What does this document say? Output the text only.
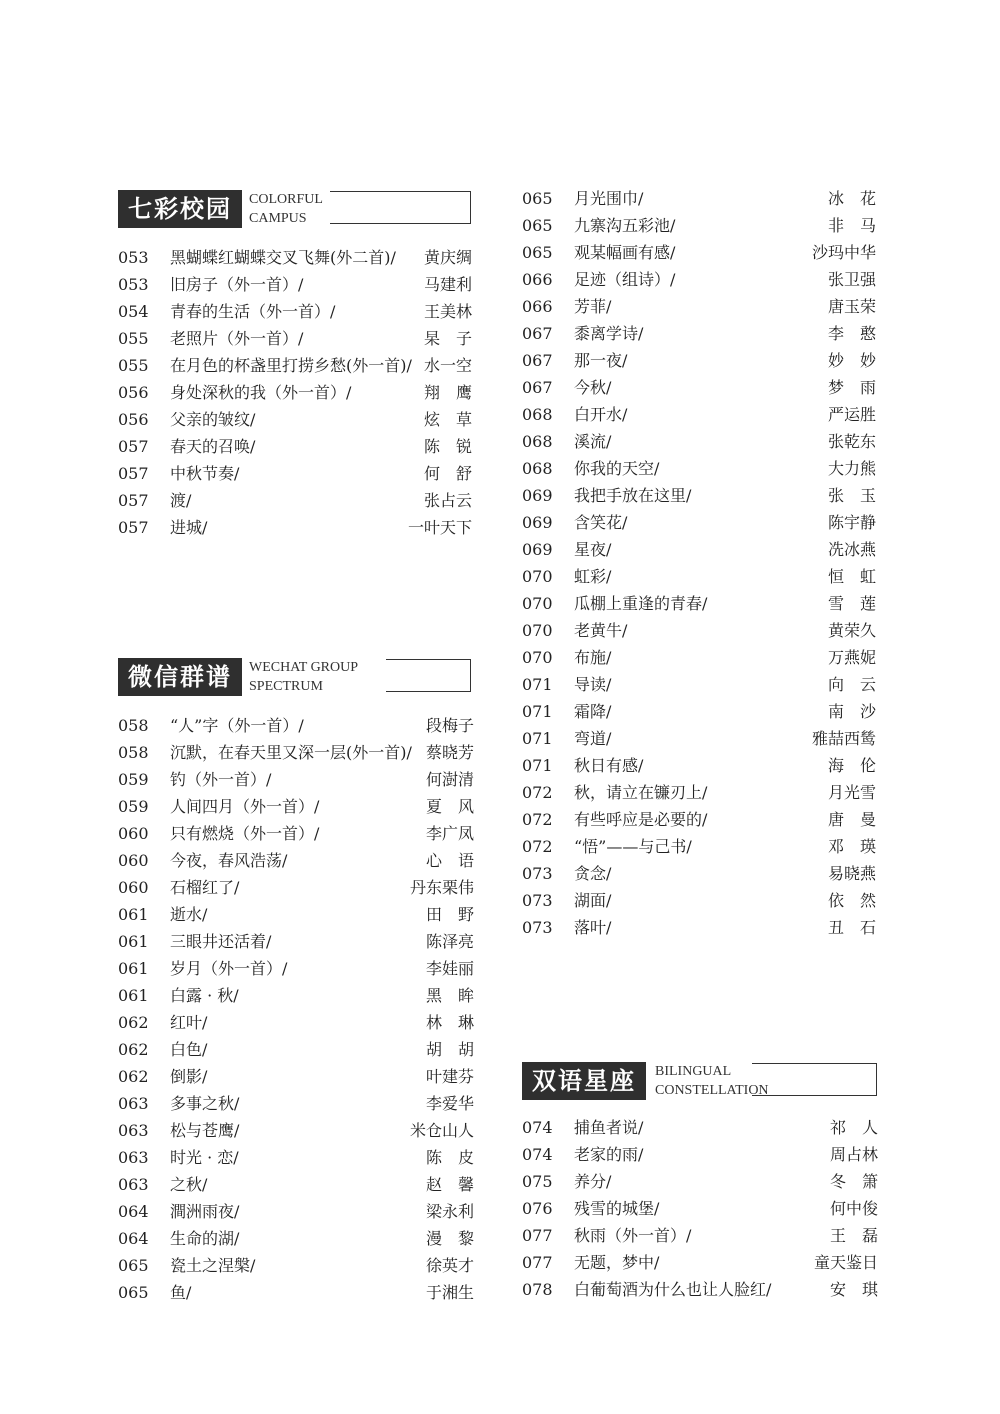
七彩校园	COLORFUL
CAMPUS
053	黑蝴蝶红蝴蝶交叉飞舞(外二首)/ 黄庆绸
053	旧房子（外一首）/	马建利
054	青春的生活（外一首）/	王美林
055	老照片（外一首）/	杲　子
055	在月色的杯盏里打捞乡愁(外一首)/ 水一空
056	身处深秋的我（外一首）/	翔　鹰
056	父亲的皱纹/	炫　草
057	春天的召唤/	陈　锐
057	中秋节奏/	何　舒
057	渡/	张占云
057	进城/	一叶天下
微信群谱	WECHAT GROUP
SPECTRUM
058	“人”字（外一首）/	段梅子
058	沉默，在春天里又深一层(外一首)/ 蔡晓芳
059	钓（外一首）/	何澍清
059	人间四月（外一首）/	夏　风
060	只有燃烧（外一首）/	李广凤
060	今夜，春风浩荡/	心　语
060	石榴红了/	丹东栗伟
061	逝水/	田　野
061	三眼井还活着/	陈泽亮
061	岁月（外一首）/	李娃丽
061	白露 · 秋/	黑　眸
062	红叶/	林　琳
062	白色/	胡　胡
062	倒影/	叶建芬
063	多事之秋/	李爱华
063	松与苍鹰/	米仓山人
063	时光 · 恋/	陈　皮
063	之秋/	赵　馨
064	澗洲雨夜/	梁永利
064	生命的湖/	漫　黎
065	瓷土之涅槃/	徐英才
065	鱼/	于湘生
065	月光围巾/	冰　花
065	九寨沟五彩池/	非　马
065	观某幅画有感/	沙玛中华
066	足迹（组诗）/	张卫强
066	芳菲/	唐玉荣
067	黍离学诗/	李　憨
067	那一夜/	妙　妙
067	今秋/	梦　雨
068	白开水/	严运胜
068	溪流/	张乾东
068	你我的天空/	大力熊
069	我把手放在这里/	张　玉
069	含笑花/	陈宇静
069	星夜/	冼冰燕
070	虹彩/	恒　虹
070	瓜棚上重逢的青春/	雪　莲
070	老黄牛/	黄荣久
070	布施/	万燕妮
071	导读/	向　云
071	霜降/	南　沙
071	弯道/	雅喆西鸶
071	秋日有感/	海　伦
072	秋，请立在镰刃上/	月光雪
072	有些呼应是必要的/	唐　曼
072	“悟”——与己书/	邓　瑛
073	贪念/	易晓燕
073	湖面/	依　然
073	落叶/	丑　石
双语星座	BILINGUAL
CONSTELLATION
074	捕鱼者说/	祁　人
074	老家的雨/	周占林
075	养分/	冬　箫
076	残雪的城堡/	何中俊
077	秋雨（外一首）/	王　磊
077	无题，梦中/	童天鉴日
078	白葡萄酒为什么也让人脸红/	安　琪
